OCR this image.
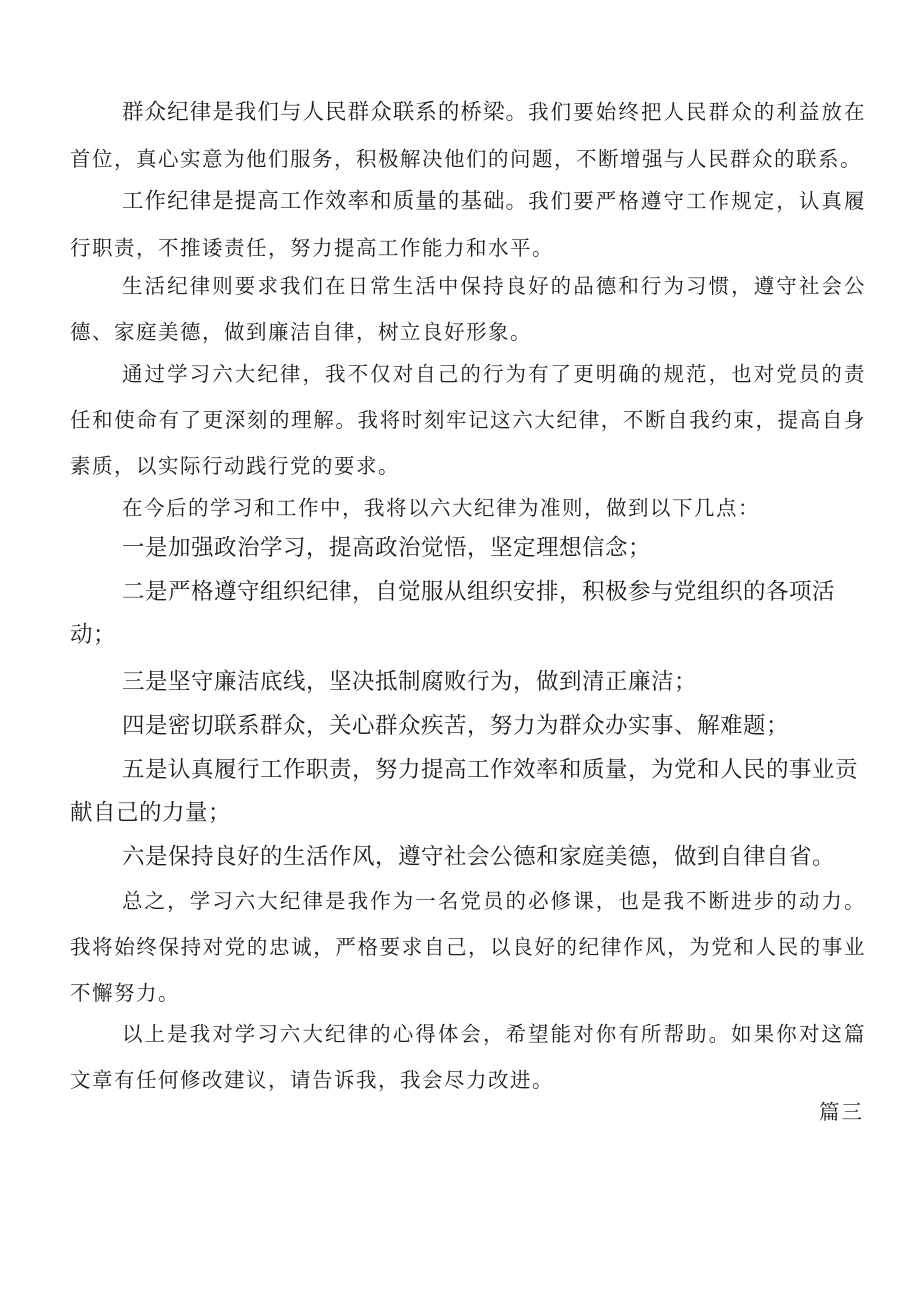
群众纪律是我们与人民群众联系的桥梁。我们要始终把人民群众的利益放在首位，真心实意为他们服务，积极解决他们的问题，不断增强与人民群众的联系。

工作纪律是提高工作效率和质量的基础。我们要严格遵守工作规定，认真履行职责，不推诿责任，努力提高工作能力和水平。

生活纪律则要求我们在日常生活中保持良好的品德和行为习惯，遵守社会公德、家庭美德，做到廉洁自律，树立良好形象。

通过学习六大纪律，我不仅对自己的行为有了更明确的规范，也对党员的责任和使命有了更深刻的理解。我将时刻牢记这六大纪律，不断自我约束，提高自身素质，以实际行动践行党的要求。

在今后的学习和工作中，我将以六大纪律为准则，做到以下几点：

一是加强政治学习，提高政治觉悟，坚定理想信念；

二是严格遵守组织纪律，自觉服从组织安排，积极参与党组织的各项活动；

三是坚守廉洁底线，坚决抵制腐败行为，做到清正廉洁；

四是密切联系群众，关心群众疾苦，努力为群众办实事、解难题；

五是认真履行工作职责，努力提高工作效率和质量，为党和人民的事业贡献自己的力量；

六是保持良好的生活作风，遵守社会公德和家庭美德，做到自律自省。

总之，学习六大纪律是我作为一名党员的必修课，也是我不断进步的动力。我将始终保持对党的忠诚，严格要求自己，以良好的纪律作风，为党和人民的事业不懈努力。

以上是我对学习六大纪律的心得体会，希望能对你有所帮助。如果你对这篇文章有任何修改建议，请告诉我，我会尽力改进。

篇三
